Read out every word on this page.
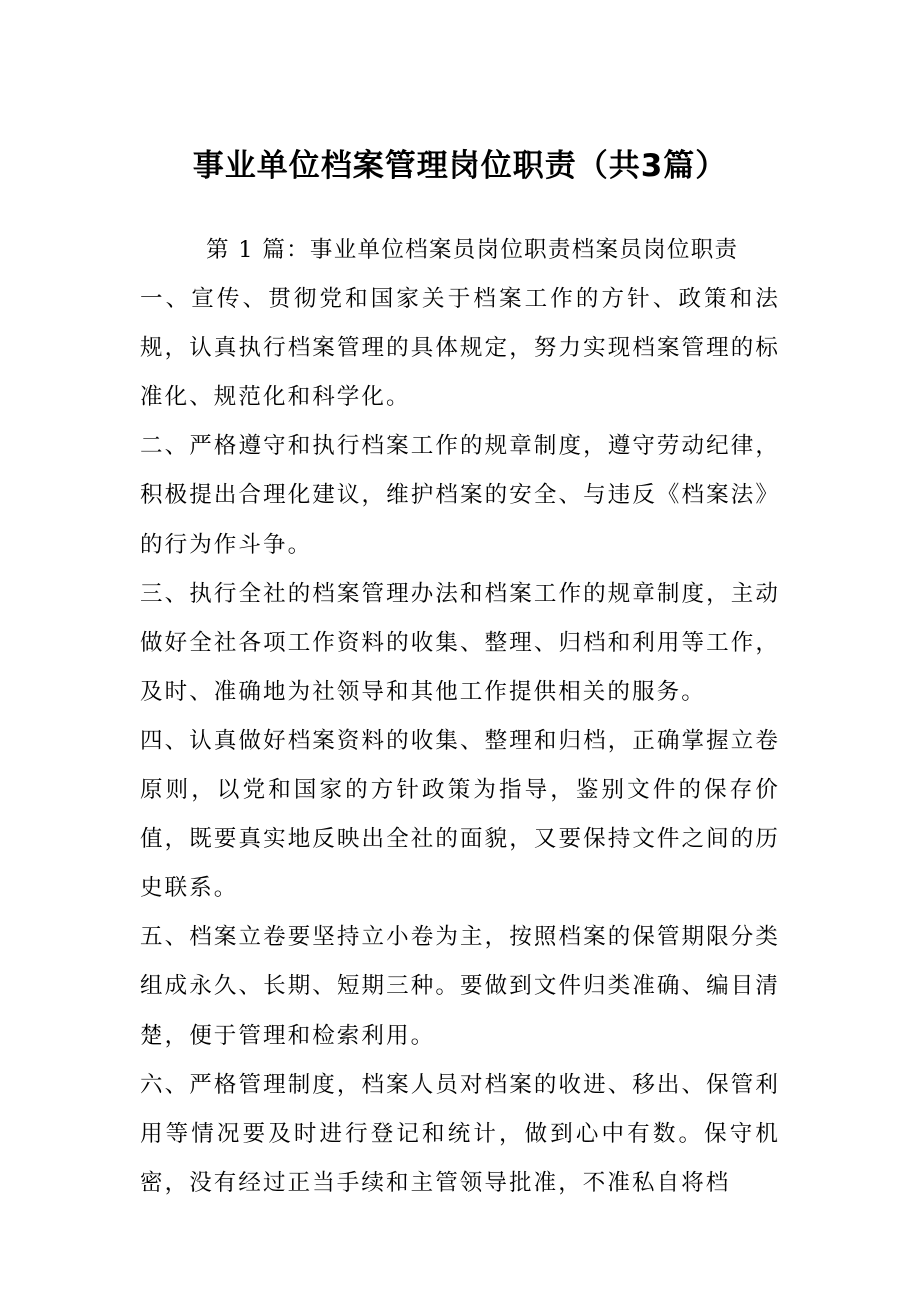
事业单位档案管理岗位职责（共3篇）

第 1 篇：事业单位档案员岗位职责档案员岗位职责

一、宣传、贯彻党和国家关于档案工作的方针、政策和法规，认真执行档案管理的具体规定，努力实现档案管理的标准化、规范化和科学化。

二、严格遵守和执行档案工作的规章制度，遵守劳动纪律，积极提出合理化建议，维护档案的安全、与违反《档案法》的行为作斗争。

三、执行全社的档案管理办法和档案工作的规章制度，主动做好全社各项工作资料的收集、整理、归档和利用等工作，及时、准确地为社领导和其他工作提供相关的服务。

四、认真做好档案资料的收集、整理和归档，正确掌握立卷原则，以党和国家的方针政策为指导，鉴别文件的保存价值，既要真实地反映出全社的面貌，又要保持文件之间的历史联系。

五、档案立卷要坚持立小卷为主，按照档案的保管期限分类组成永久、长期、短期三种。要做到文件归类准确、编目清楚，便于管理和检索利用。

六、严格管理制度，档案人员对档案的收进、移出、保管利用等情况要及时进行登记和统计，做到心中有数。保守机密，没有经过正当手续和主管领导批准，不准私自将档
